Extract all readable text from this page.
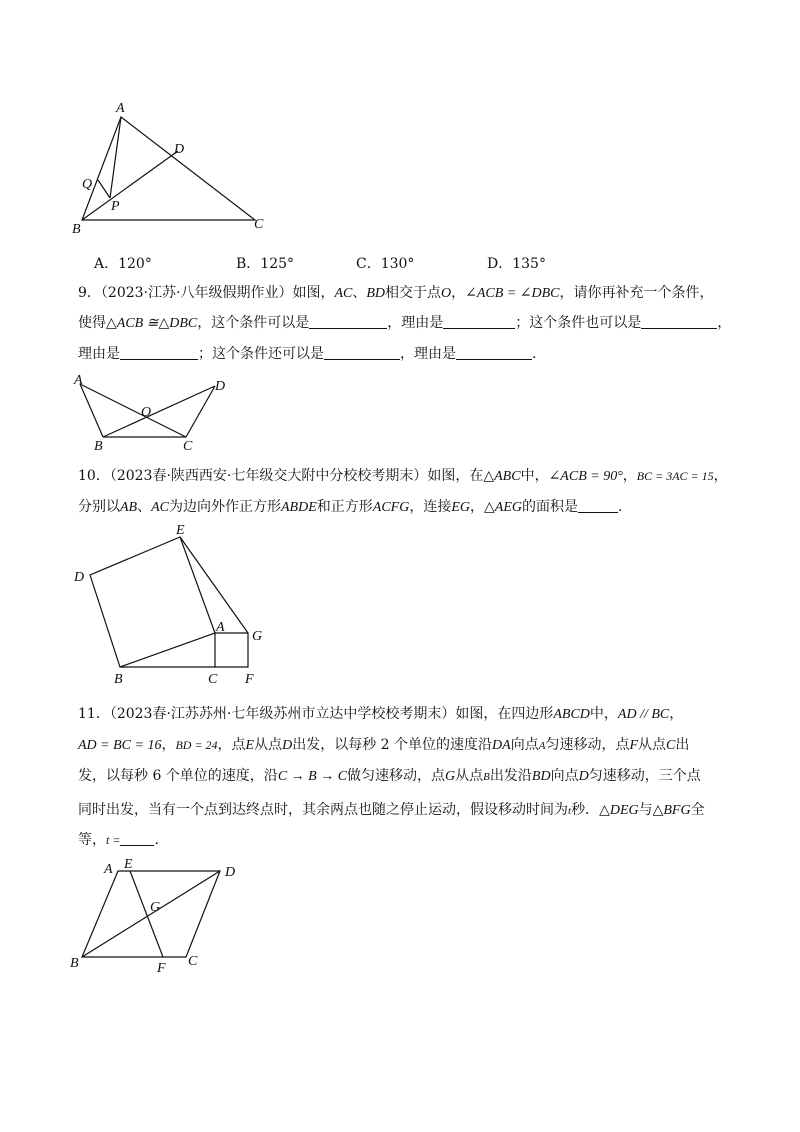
A
D
Q
P
B	C
A．120°	B．125°	C．130°	D．135°
9．（2023·江苏·八年级假期作业）如图，AC、BD相交于点O，∠ACB = ∠DBC，请你再补充一个条件，
使得△ACB ≅△DBC，这个条件可以是	，理由是	；这个条件也可以是	，
理由是	；这个条件还可以是	，理由是	.
A	D
O
B	C
10．（2023春·陕西西安·七年级交大附中分校校考期末）如图，在△ABC中，∠ACB = 90°，BC = 3AC = 15，
分别以AB、AC为边向外作正方形ABDE和正方形ACFG，连接EG，△AEG的面积是	.
E
D
A
G
B	C F
11．（2023春·江苏苏州·七年级苏州市立达中学校校考期末）如图，在四边形ABCD中，AD // BC，
AD = BC = 16，BD = 24，点E从点D出发，以每秒 2 个单位的速度沿DA向点A匀速移动，点F从点C出
发，以每秒 6 个单位的速度，沿C → B → C做匀速移动，点G从点B出发沿BD向点D匀速移动，三个点
同时出发，当有一个点到达终点时，其余两点也随之停止运动，假设移动时间为t秒．△DEG与△BFG全
等，t = .
A E
D
G
B	F C
